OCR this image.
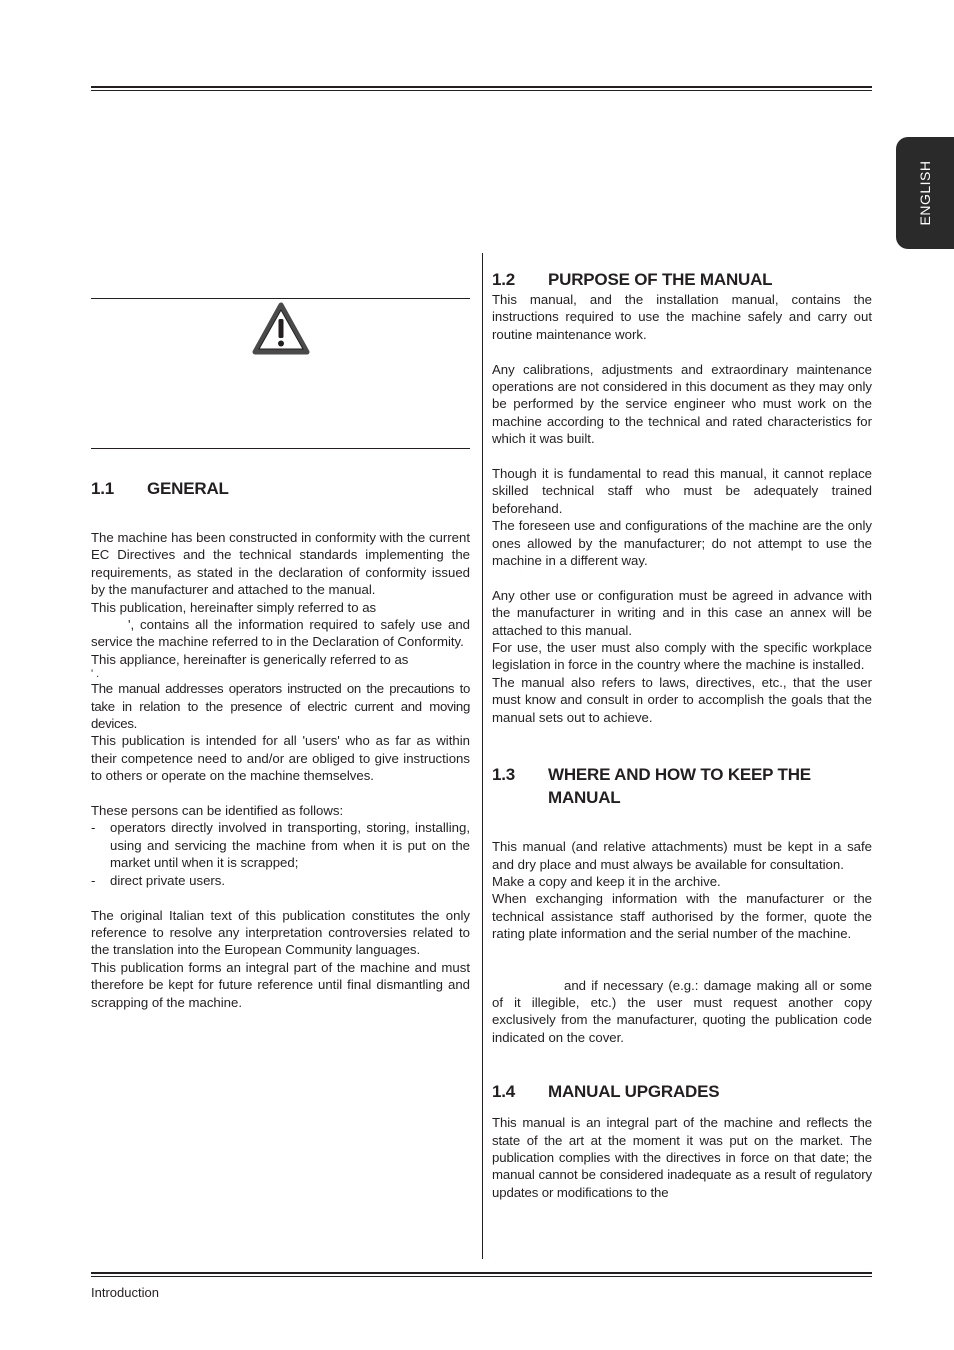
ENGLISH
1.1 GENERAL

The machine has been constructed in conformity with the current EC Directives and the technical standards implementing the requirements, as stated in the declaration of conformity issued by the manufacturer and attached to the manual.

This publication, hereinafter simply referred to as

', contains all the information required to safely use and service the machine referred to in the Declaration of Conformity.

This appliance, hereinafter is generically referred to as

' .

The manual addresses operators instructed on the precautions to take in relation to the presence of electric current and moving devices.

This publication is intended for all 'users' who as far as within their competence need to and/or are obliged to give instructions to others or operate on the machine themselves.

These persons can be identified as follows:

- operators directly involved in transporting, storing, installing, using and servicing the machine from when it is put on the market until when it is scrapped;
- direct private users.

The original Italian text of this publication constitutes the only reference to resolve any interpretation controversies related to the translation into the European Community languages.

This publication forms an integral part of the machine and must therefore be kept for future reference until final dismantling and scrapping of the machine.

1.2 PURPOSE OF THE MANUAL

This manual, and the installation manual, contains the instructions required to use the machine safely and carry out routine maintenance work.

Any calibrations, adjustments and extraordinary maintenance operations are not considered in this document as they may only be performed by the service engineer who must work on the machine according to the technical and rated characteristics for which it was built.

Though it is fundamental to read this manual, it cannot replace skilled technical staff who must be adequately trained beforehand.

The foreseen use and configurations of the machine are the only ones allowed by the manufacturer; do not attempt to use the machine in a different way.

Any other use or configuration must be agreed in advance with the manufacturer in writing and in this case an annex will be attached to this manual.

For use, the user must also comply with the specific workplace legislation in force in the country where the machine is installed.

The manual also refers to laws, directives, etc., that the user must know and consult in order to accomplish the goals that the manual sets out to achieve.

1.3 WHERE AND HOW TO KEEP THE
MANUAL

This manual (and relative attachments) must be kept in a safe and dry place and must always be available for consultation.

Make a copy and keep it in the archive.

When exchanging information with the manufacturer or the technical assistance staff authorised by the former, quote the rating plate information and the serial number of the machine.

and if necessary (e.g.: damage making all or some of it illegible, etc.) the user must request another copy exclusively from the manufacturer, quoting the publication code indicated on the cover.

1.4 MANUAL UPGRADES

This manual is an integral part of the machine and reflects the state of the art at the moment it was put on the market. The publication complies with the directives in force on that date; the manual cannot be considered inadequate as a result of regulatory updates or modifications to the

Introduction
